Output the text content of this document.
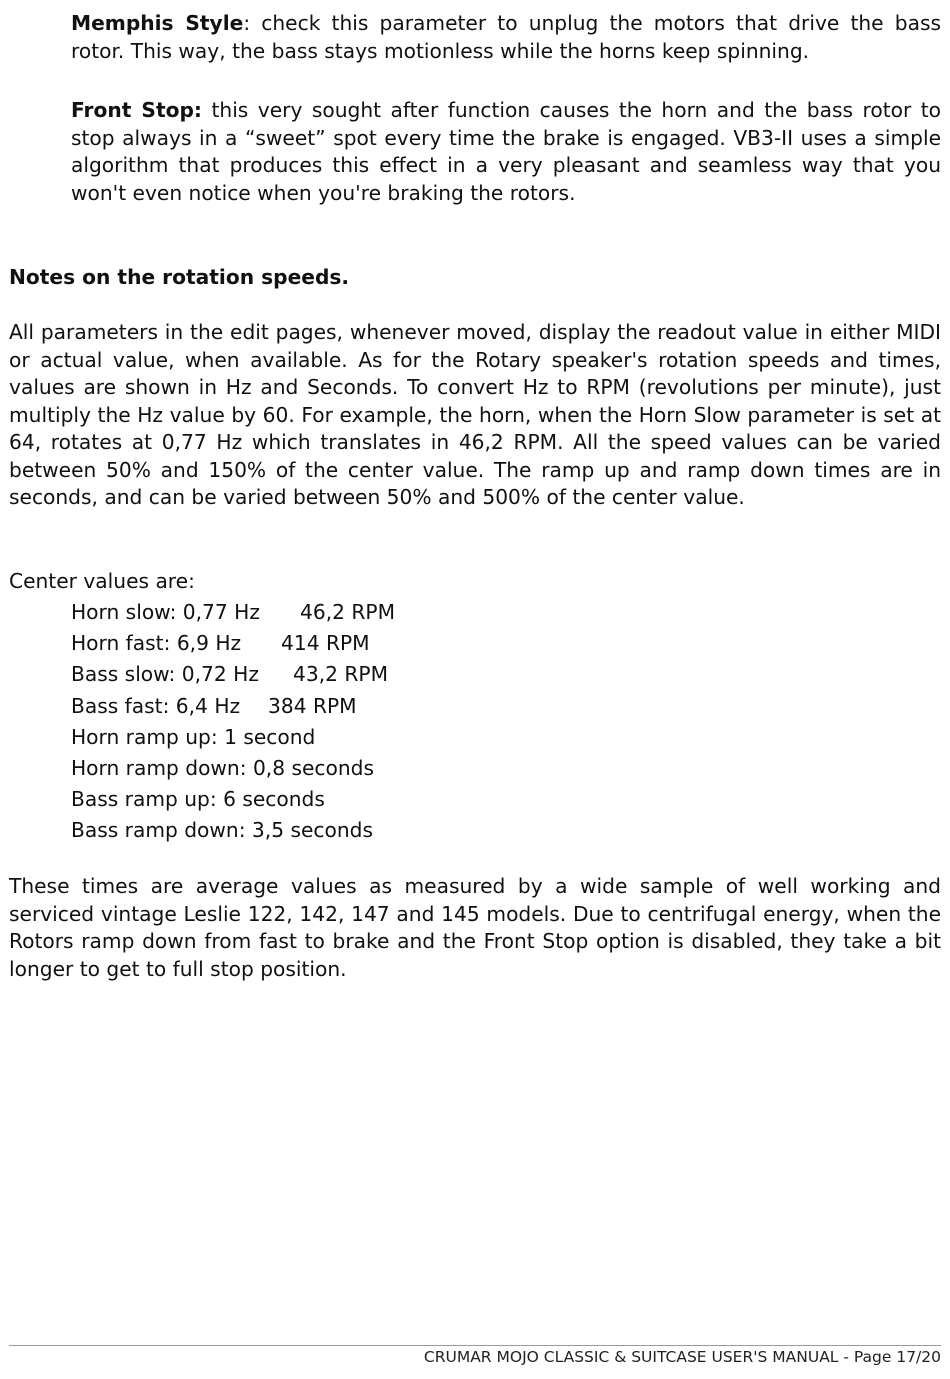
Memphis Style: check this parameter to unplug the motors that drive the bass rotor. This way, the bass stays motionless while the horns keep spinning.

Front Stop: this very sought after function causes the horn and the bass rotor to stop always in a “sweet” spot every time the brake is engaged. VB3-II uses a simple algorithm that produces this effect in a very pleasant and seamless way that you won't even notice when you're braking the rotors.

Notes on the rotation speeds.

All parameters in the edit pages, whenever moved, display the readout value in either MIDI or actual value, when available. As for the Rotary speaker's rotation speeds and times, values are shown in Hz and Seconds. To convert Hz to RPM (revolutions per minute), just multiply the Hz value by 60. For example, the horn, when the Horn Slow parameter is set at 64, rotates at 0,77 Hz which translates in 46,2 RPM. All the speed values can be varied between 50% and 150% of the center value. The ramp up and ramp down times are in seconds, and can be varied between 50% and 500% of the center value.

Center values are:

Horn slow: 0,77 Hz 46,2 RPM
Horn fast: 6,9 Hz 414 RPM
Bass slow: 0,72 Hz 43,2 RPM
Bass fast: 6,4 Hz 384 RPM
Horn ramp up: 1 second
Horn ramp down: 0,8 seconds
Bass ramp up: 6 seconds
Bass ramp down: 3,5 seconds

These times are average values as measured by a wide sample of well working and serviced vintage Leslie 122, 142, 147 and 145 models. Due to centrifugal energy, when the Rotors ramp down from fast to brake and the Front Stop option is disabled, they take a bit longer to get to full stop position.

CRUMAR MOJO CLASSIC & SUITCASE USER'S MANUAL - Page 17/20
